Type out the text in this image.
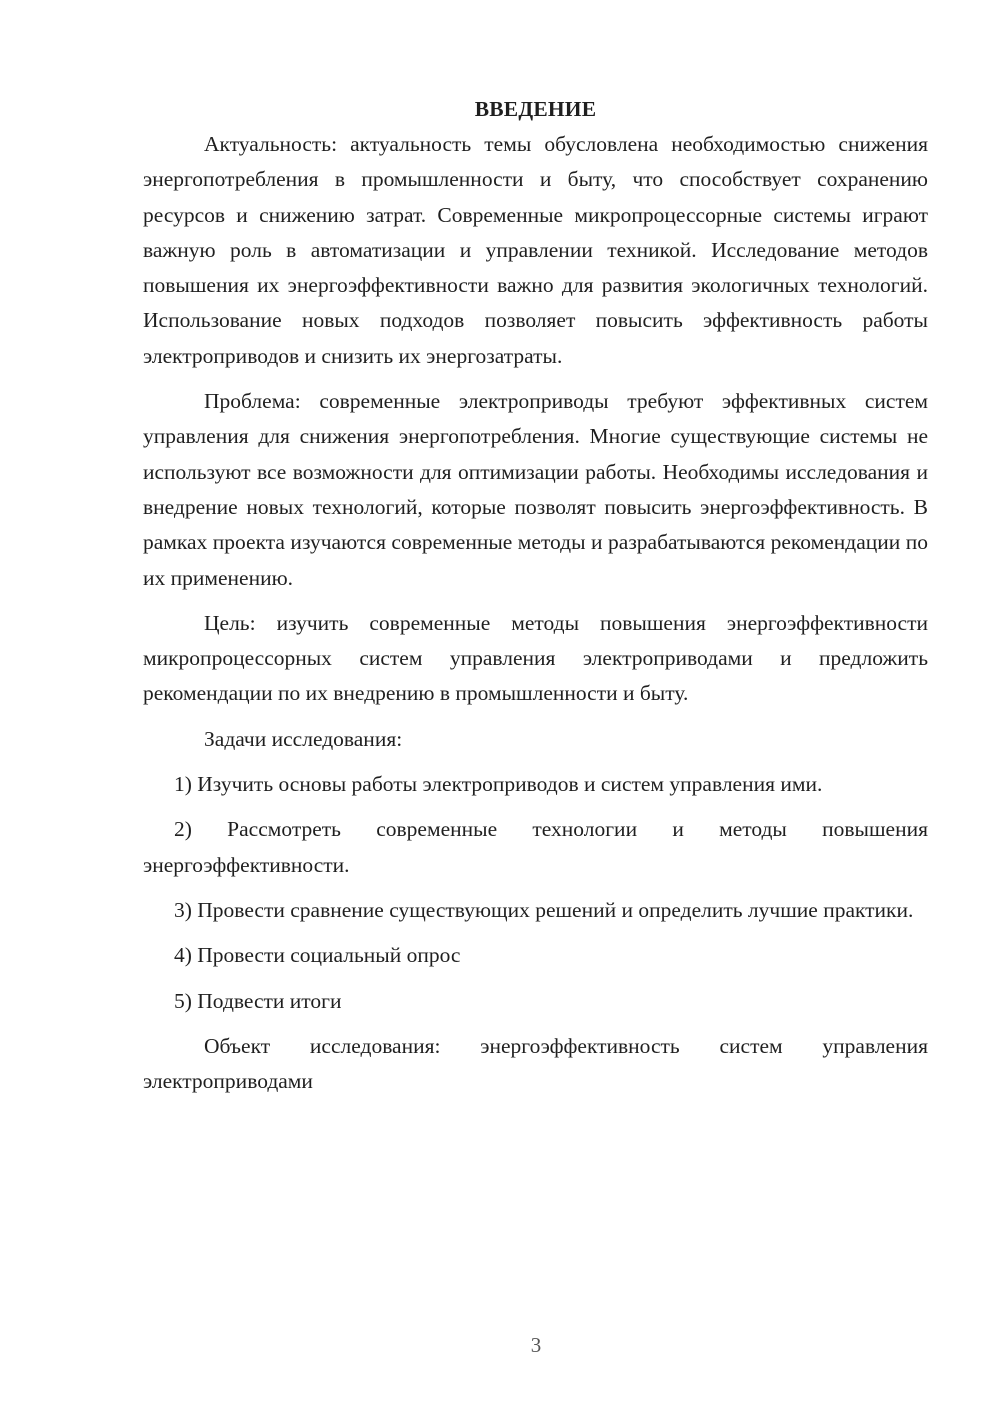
ВВЕДЕНИЕ

Актуальность: актуальность темы обусловлена необходимостью снижения энергопотребления в промышленности и быту, что способствует сохранению ресурсов и снижению затрат. Современные микропроцессорные системы играют важную роль в автоматизации и управлении техникой. Исследование методов повышения их энергоэффективности важно для развития экологичных технологий. Использование новых подходов позволяет повысить эффективность работы электроприводов и снизить их энергозатраты.

Проблема: современные электроприводы требуют эффективных систем управления для снижения энергопотребления. Многие существующие системы не используют все возможности для оптимизации работы. Необходимы исследования и внедрение новых технологий, которые позволят повысить энергоэффективность. В рамках проекта изучаются современные методы и разрабатываются рекомендации по их применению.

Цель: изучить современные методы повышения энергоэффективности микропроцессорных систем управления электроприводами и предложить рекомендации по их внедрению в промышленности и быту.

Задачи исследования:

1) Изучить основы работы электроприводов и систем управления ими.

2) Рассмотреть современные технологии и методы повышения энергоэффективности.

3) Провести сравнение существующих решений и определить лучшие практики.

4) Провести социальный опрос

5) Подвести итоги

Объект исследования: энергоэффективность систем управления электроприводами

3
